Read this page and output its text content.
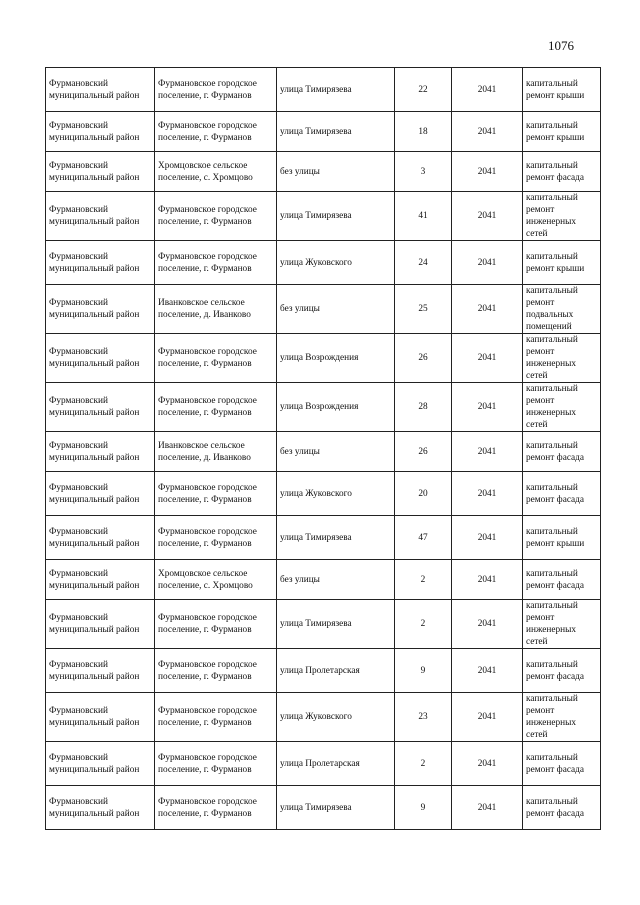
1076
Фурмановский муниципальный район	Фурмановское городское поселение, г. Фурманов	улица Тимирязева	22	2041	капитальный ремонт крыши
Фурмановский муниципальный район	Фурмановское городское поселение, г. Фурманов	улица Тимирязева	18	2041	капитальный ремонт крыши
Фурмановский муниципальный район	Хромцовское сельское поселение, с. Хромцово	без улицы	3	2041	капитальный ремонт фасада
Фурмановский муниципальный район	Фурмановское городское поселение, г. Фурманов	улица Тимирязева	41	2041	капитальный ремонт инженерных сетей
Фурмановский муниципальный район	Фурмановское городское поселение, г. Фурманов	улица Жуковского	24	2041	капитальный ремонт крыши
Фурмановский муниципальный район	Иванковское сельское поселение, д. Иванково	без улицы	25	2041	капитальный ремонт подвальных помещений
Фурмановский муниципальный район	Фурмановское городское поселение, г. Фурманов	улица Возрождения	26	2041	капитальный ремонт инженерных сетей
Фурмановский муниципальный район	Фурмановское городское поселение, г. Фурманов	улица Возрождения	28	2041	капитальный ремонт инженерных сетей
Фурмановский муниципальный район	Иванковское сельское поселение, д. Иванково	без улицы	26	2041	капитальный ремонт фасада
Фурмановский муниципальный район	Фурмановское городское поселение, г. Фурманов	улица Жуковского	20	2041	капитальный ремонт фасада
Фурмановский муниципальный район	Фурмановское городское поселение, г. Фурманов	улица Тимирязева	47	2041	капитальный ремонт крыши
Фурмановский муниципальный район	Хромцовское сельское поселение, с. Хромцово	без улицы	2	2041	капитальный ремонт фасада
Фурмановский муниципальный район	Фурмановское городское поселение, г. Фурманов	улица Тимирязева	2	2041	капитальный ремонт инженерных сетей
Фурмановский муниципальный район	Фурмановское городское поселение, г. Фурманов	улица Пролетарская	9	2041	капитальный ремонт фасада
Фурмановский муниципальный район	Фурмановское городское поселение, г. Фурманов	улица Жуковского	23	2041	капитальный ремонт инженерных сетей
Фурмановский муниципальный район	Фурмановское городское поселение, г. Фурманов	улица Пролетарская	2	2041	капитальный ремонт фасада
Фурмановский муниципальный район	Фурмановское городское поселение, г. Фурманов	улица Тимирязева	9	2041	капитальный ремонт фасада
